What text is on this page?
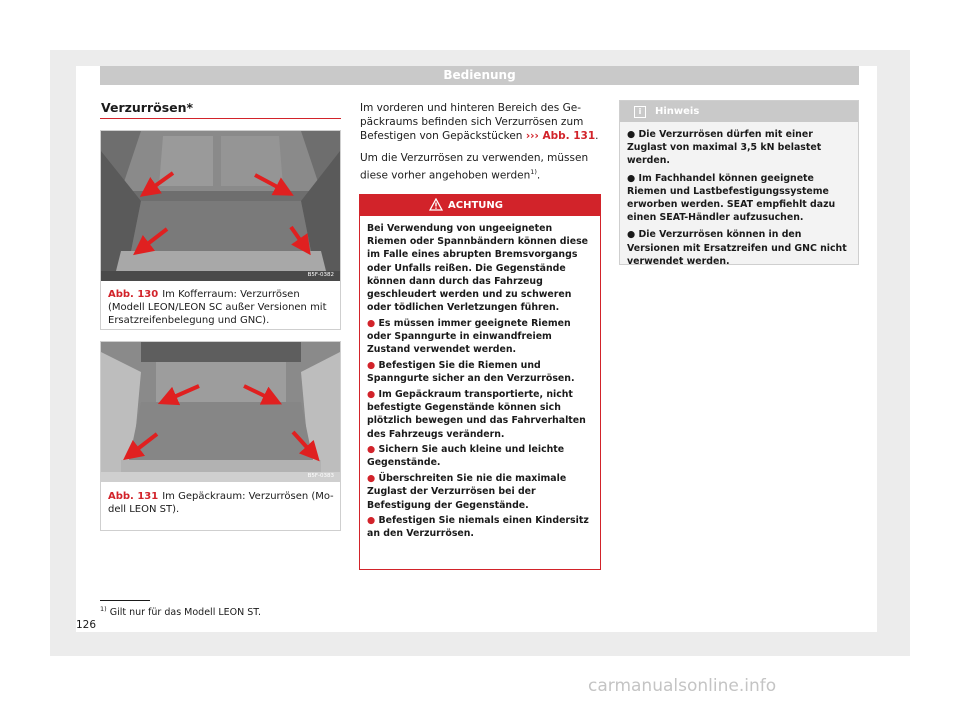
Bedienung
Verzurrösen*
B5F-0382
Abb. 130 Im Kofferraum: Verzurrösen (Modell LEON/LEON SC außer Versionen mit Ersatzreifenbelegung und GNC).
B5F-0383
Abb. 131 Im Gepäckraum: Verzurrösen (Modell LEON ST).
Im vorderen und hinteren Bereich des Gepäckraums befinden sich Verzurrösen zum Befestigen von Gepäckstücken ››› Abb. 131.
Um die Verzurrösen zu verwenden, müssen diese vorher angehoben werden$^{1)}$.
ACHTUNG

Bei Verwendung von ungeeigneten Riemen oder Spannbändern können diese im Falle eines abrupten Bremsvorgangs oder Unfalls reißen. Die Gegenstände können dann durch das Fahrzeug geschleudert werden und zu schweren oder tödlichen Verletzungen führen.

● Es müssen immer geeignete Riemen oder Spanngurte in einwandfreiem Zustand verwendet werden.

● Befestigen Sie die Riemen und Spanngurte sicher an den Verzurrösen.

● Im Gepäckraum transportierte, nicht befestigte Gegenstände können sich plötzlich bewegen und das Fahrverhalten des Fahrzeugs verändern.

● Sichern Sie auch kleine und leichte Gegenstände.

● Überschreiten Sie nie die maximale Zuglast der Verzurrösen bei der Befestigung der Gegenstände.

● Befestigen Sie niemals einen Kindersitz an den Verzurrösen.

i	Hinweis

● Die Verzurrösen dürfen mit einer Zuglast von maximal 3,5 kN belastet werden.

● Im Fachhandel können geeignete Riemen und Lastbefestigungssysteme erworben werden. SEAT empfiehlt dazu einen SEAT-Händler aufzusuchen.

● Die Verzurrösen können in den Versionen mit Ersatzreifen und GNC nicht verwendet werden.

$^{1)}$ Gilt nur für das Modell LEON ST.
126
carmanualsonline.info
